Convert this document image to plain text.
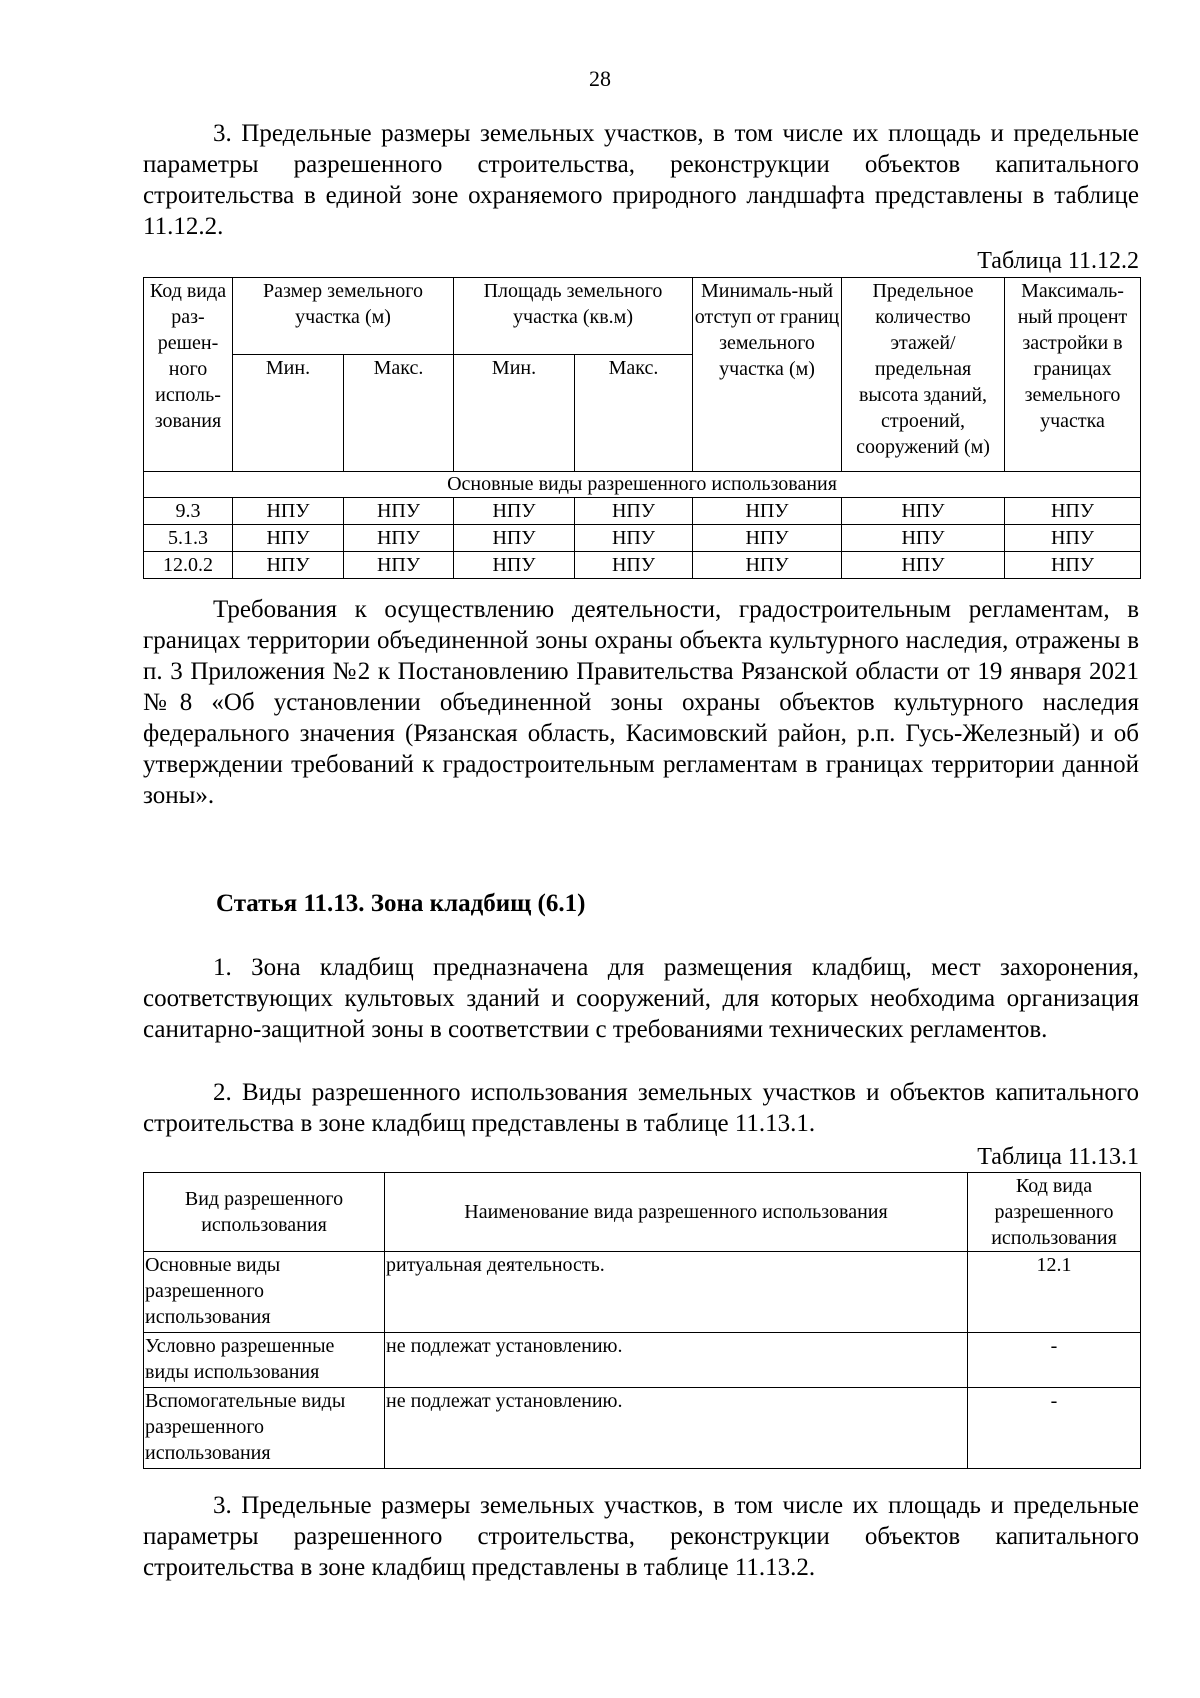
28

3. Предельные размеры земельных участков, в том числе их площадь и предельные параметры разрешенного строительства, реконструкции объектов капитального строительства в единой зоне охраняемого природного ландшафта представлены в таблице 11.12.2.

Таблица 11.12.2
Код вида раз-решен-ного исполь-зования	Размер земельного участка (м)		Площадь земельного участка (кв.м)		Минималь-ный отступ от границ земельного участка (м)	Предельное количество этажей/ предельная высота зданий, строений, сооружений (м)	Максималь-ный процент застройки в границах земельного участка
	Мин.	Макс.	Мин.	Макс.			
Основные виды разрешенного использования							
9.3	НПУ	НПУ	НПУ	НПУ	НПУ	НПУ	НПУ
5.1.3	НПУ	НПУ	НПУ	НПУ	НПУ	НПУ	НПУ
12.0.2	НПУ	НПУ	НПУ	НПУ	НПУ	НПУ	НПУ

Требования к осуществлению деятельности, градостроительным регламентам, в границах территории объединенной зоны охраны объекта культурного наследия, отражены в п. 3 Приложения №2 к Постановлению Правительства Рязанской области от 19 января 2021 №8 «Об установлении объединенной зоны охраны объектов культурного наследия федерального значения (Рязанская область, Касимовский район, р.п. Гусь-Железный) и об утверждении требований к градостроительным регламентам в границах территории данной зоны».

Статья 11.13. Зона кладбищ (6.1)

1. Зона кладбищ предназначена для размещения кладбищ, мест захоронения, соответствующих культовых зданий и сооружений, для которых необходима организация санитарно-защитной зоны в соответствии с требованиями технических регламентов.

2. Виды разрешенного использования земельных участков и объектов капитального строительства в зоне кладбищ представлены в таблице 11.13.1.

Таблица 11.13.1
Вид разрешенного использования	Наименование вида разрешенного использования	Код вида разрешенного использования
Основные виды разрешенного использования	ритуальная деятельность.	12.1
Условно разрешенные виды использования	не подлежат установлению.	-
Вспомогательные виды разрешенного использования	не подлежат установлению.	-

3. Предельные размеры земельных участков, в том числе их площадь и предельные параметры разрешенного строительства, реконструкции объектов капитального строительства в зоне кладбищ представлены в таблице 11.13.2.
